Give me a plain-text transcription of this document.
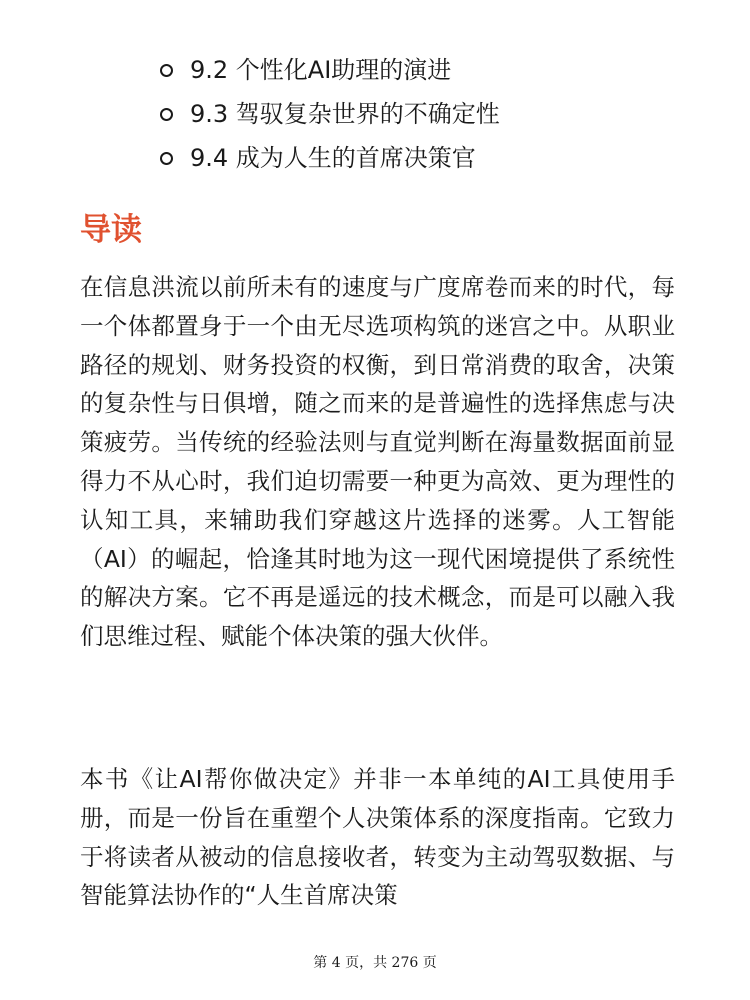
9.2 个性化AI助理的演进
9.3 驾驭复杂世界的不确定性
9.4 成为人生的首席决策官
导读

在信息洪流以前所未有的速度与广度席卷而来的时代，每一个体都置身于一个由无尽选项构筑的迷宫之中。从职业路径的规划、财务投资的权衡，到日常消费的取舍，决策的复杂性与日俱增，随之而来的是普遍性的选择焦虑与决策疲劳。当传统的经验法则与直觉判断在海量数据面前显得力不从心时，我们迫切需要一种更为高效、更为理性的认知工具，来辅助我们穿越这片选择的迷雾。人工智能（AI）的崛起，恰逢其时地为这一现代困境提供了系统性的解决方案。它不再是遥远的技术概念，而是可以融入我们思维过程、赋能个体决策的强大伙伴。

本书《让AI帮你做决定》并非一本单纯的AI工具使用手册，而是一份旨在重塑个人决策体系的深度指南。它致力于将读者从被动的信息接收者，转变为主动驾驭数据、与智能算法协作的“人生首席决策

第 4 页，共 276 页
